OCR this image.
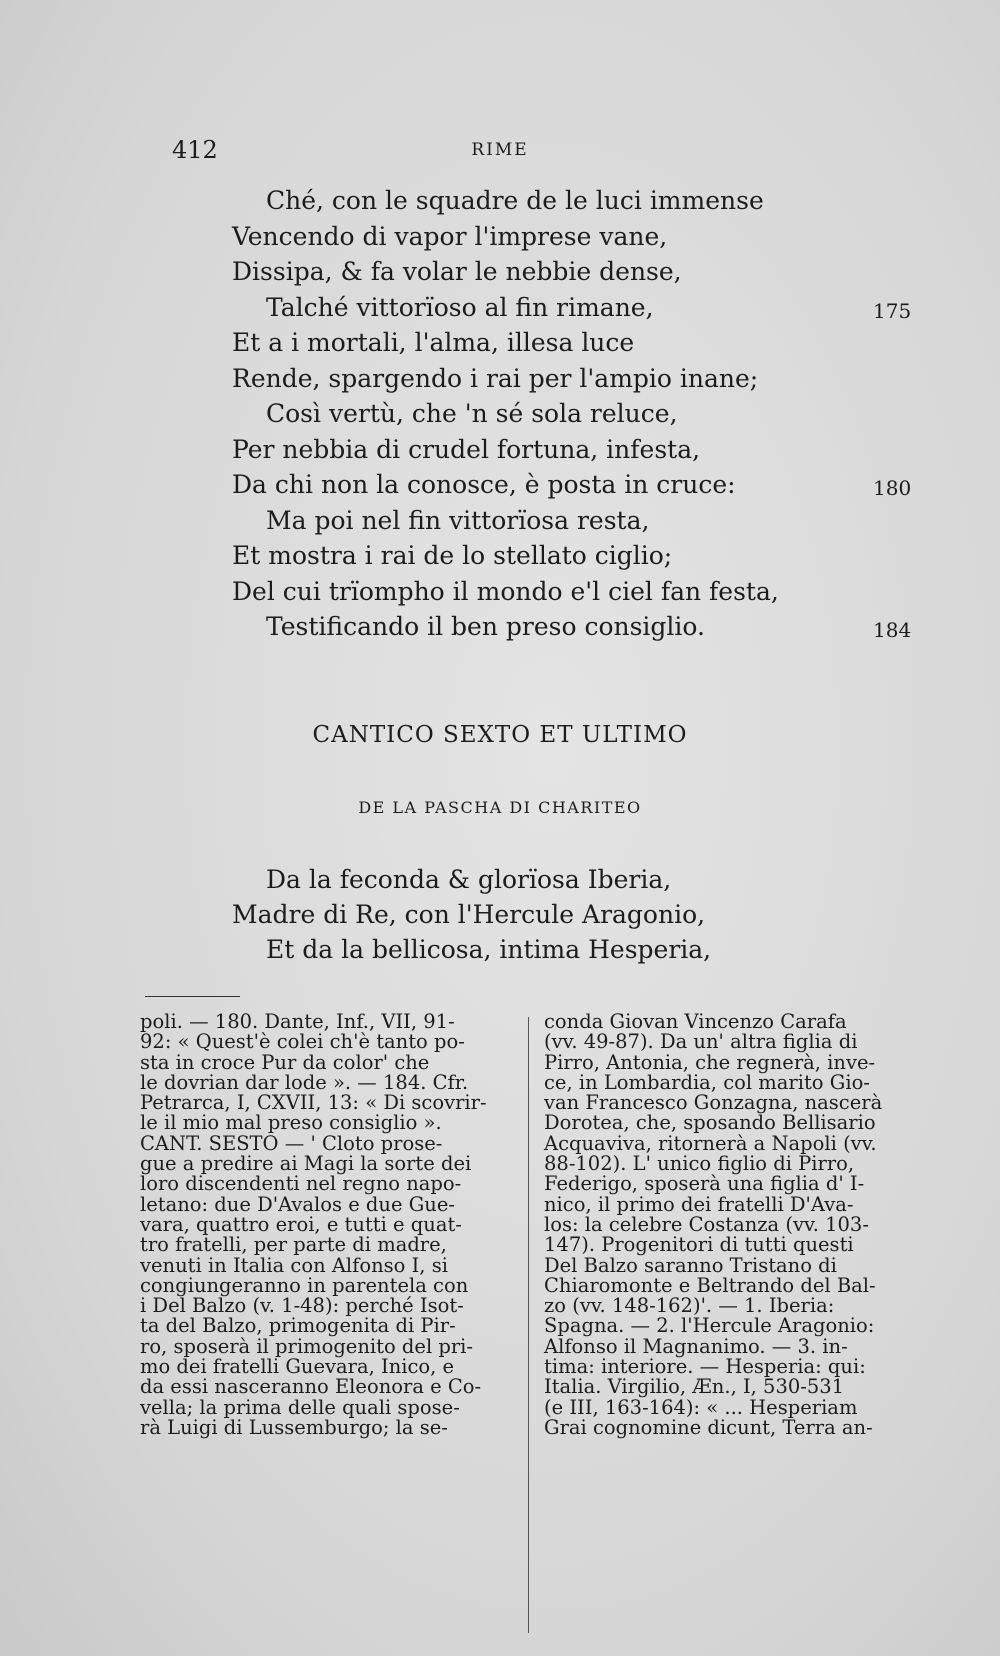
412	RIME
Ché, con le squadre de le luci immense
Vencendo di vapor l'imprese vane,
Dissipa, & fa volar le nebbie dense,
Talché vittorïoso al fin rimane,	175
Et a i mortali, l'alma, illesa luce
Rende, spargendo i rai per l'ampio inane;
Così vertù, che 'n sé sola reluce,
Per nebbia di crudel fortuna, infesta,
Da chi non la conosce, è posta in cruce:	180
Ma poi nel fin vittorïosa resta,
Et mostra i rai de lo stellato ciglio;
Del cui trïompho il mondo e'l ciel fan festa,
Testificando il ben preso consiglio.	184
CANTICO SEXTO ET ULTIMO
DE LA PASCHA DI CHARITEO
Da la feconda & glorïosa Iberia,
Madre di Re, con l'Hercule Aragonio,
Et da la bellicosa, intima Hesperia,
poli. — 180. Dante, Inf., VII, 91-
92: « Quest'è colei ch'è tanto po-
sta in croce Pur da color' che
le dovrian dar lode ». — 184. Cfr.
Petrarca, I, CXVII, 13: « Di scovrir-
le il mio mal preso consiglio ».
CANT. SESTO — ' Cloto prose-
gue a predire ai Magi la sorte dei
loro discendenti nel regno napo-
letano: due D'Avalos e due Gue-
vara, quattro eroi, e tutti e quat-
tro fratelli, per parte di madre,
venuti in Italia con Alfonso I, si
congiungeranno in parentela con
i Del Balzo (v. 1-48): perché Isot-
ta del Balzo, primogenita di Pir-
ro, sposerà il primogenito del pri-
mo dei fratelli Guevara, Inico, e
da essi nasceranno Eleonora e Co-
vella; la prima delle quali spose-
rà Luigi di Lussemburgo; la se-
conda Giovan Vincenzo Carafa
(vv. 49-87). Da un' altra figlia di
Pirro, Antonia, che regnerà, inve-
ce, in Lombardia, col marito Gio-
van Francesco Gonzagna, nascerà
Dorotea, che, sposando Bellisario
Acquaviva, ritornerà a Napoli (vv.
88-102). L' unico figlio di Pirro,
Federigo, sposerà una figlia d' I-
nico, il primo dei fratelli D'Ava-
los: la celebre Costanza (vv. 103-
147). Progenitori di tutti questi
Del Balzo saranno Tristano di
Chiaromonte e Beltrando del Bal-
zo (vv. 148-162)'. — 1. Iberia:
Spagna. — 2. l'Hercule Aragonio:
Alfonso il Magnanimo. — 3. in-
tima: interiore. — Hesperia: qui:
Italia. Virgilio, Æn., I, 530-531
(e III, 163-164): « ... Hesperiam
Grai cognomine dicunt, Terra an-
